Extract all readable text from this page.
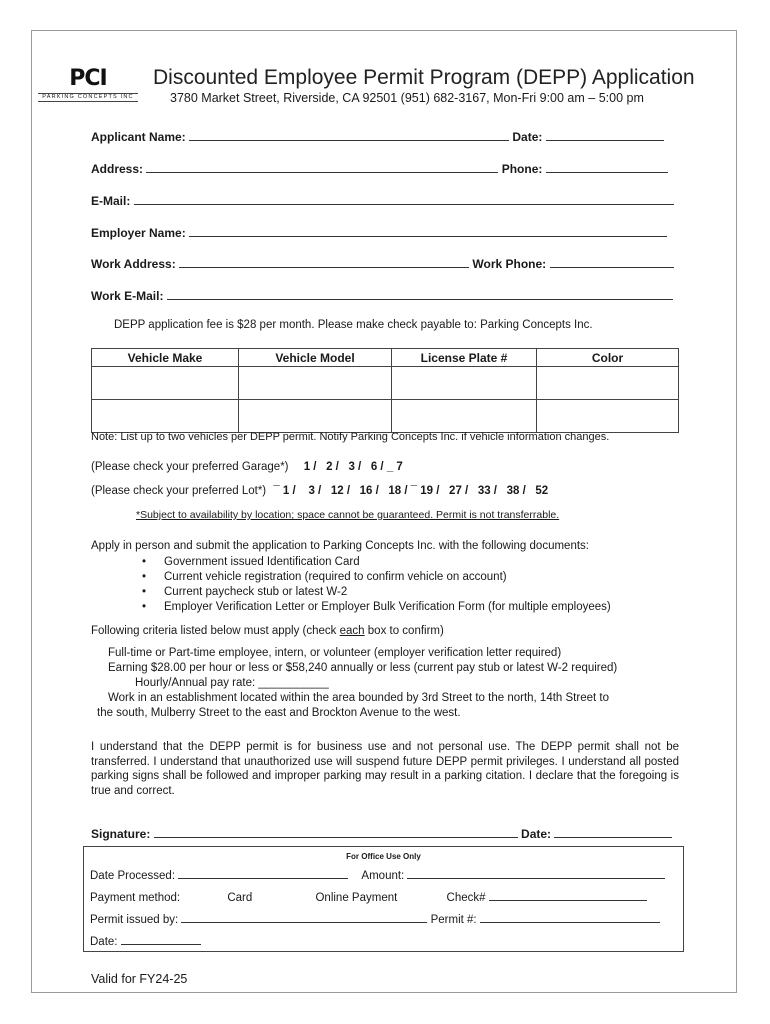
PCI
PARKING CONCEPTS INC
Discounted Employee Permit Program (DEPP) Application
3780 Market Street, Riverside, CA 92501 (951) 682-3167, Mon-Fri 9:00 am – 5:00 pm
Applicant Name:	Date:
Address:	Phone:
E-Mail:
Employer Name:
Work Address:	Work Phone:
Work E-Mail:
DEPP application fee is $28 per month. Please make check payable to: Parking Concepts Inc.
Vehicle Make	Vehicle Model	License Plate #	Color

Note: List up to two vehicles per DEPP permit. Notify Parking Concepts Inc. if vehicle information changes.
(Please check your preferred Garage*) 1 /   2 /   3 /   6 / _ 7
(Please check your preferred Lot*) ¯ 1 /    3 /   12 /   16 /   18 / ¯ 19 /   27 /   33 /   38 /   52
*Subject to availability by location; space cannot be guaranteed. Permit is not transferrable.
Apply in person and submit the application to Parking Concepts Inc. with the following documents:
• Government issued Identification Card
• Current vehicle registration (required to confirm vehicle on account)
• Current paycheck stub or latest W-2
• Employer Verification Letter or Employer Bulk Verification Form (for multiple employees)
Following criteria listed below must apply (check each box to confirm)
Full-time or Part-time employee, intern, or volunteer (employer verification letter required)
Earning $28.00 per hour or less or $58,240 annually or less (current pay stub or latest W-2 required)
Hourly/Annual pay rate: ___________
Work in an establishment located within the area bounded by 3rd Street to the north, 14th Street to
the south, Mulberry Street to the east and Brockton Avenue to the west.
I understand that the DEPP permit is for business use and not personal use. The DEPP permit shall not be transferred. I understand that unauthorized use will suspend future DEPP permit privileges. I understand all posted parking signs shall be followed and improper parking may result in a parking citation. I declare that the foregoing is true and correct.
Signature:	Date:
For Office Use Only
Date Processed:	Amount:
Payment method:	Card	Online Payment	Check#
Permit issued by:	Permit #:
Date:
Valid for FY24-25
